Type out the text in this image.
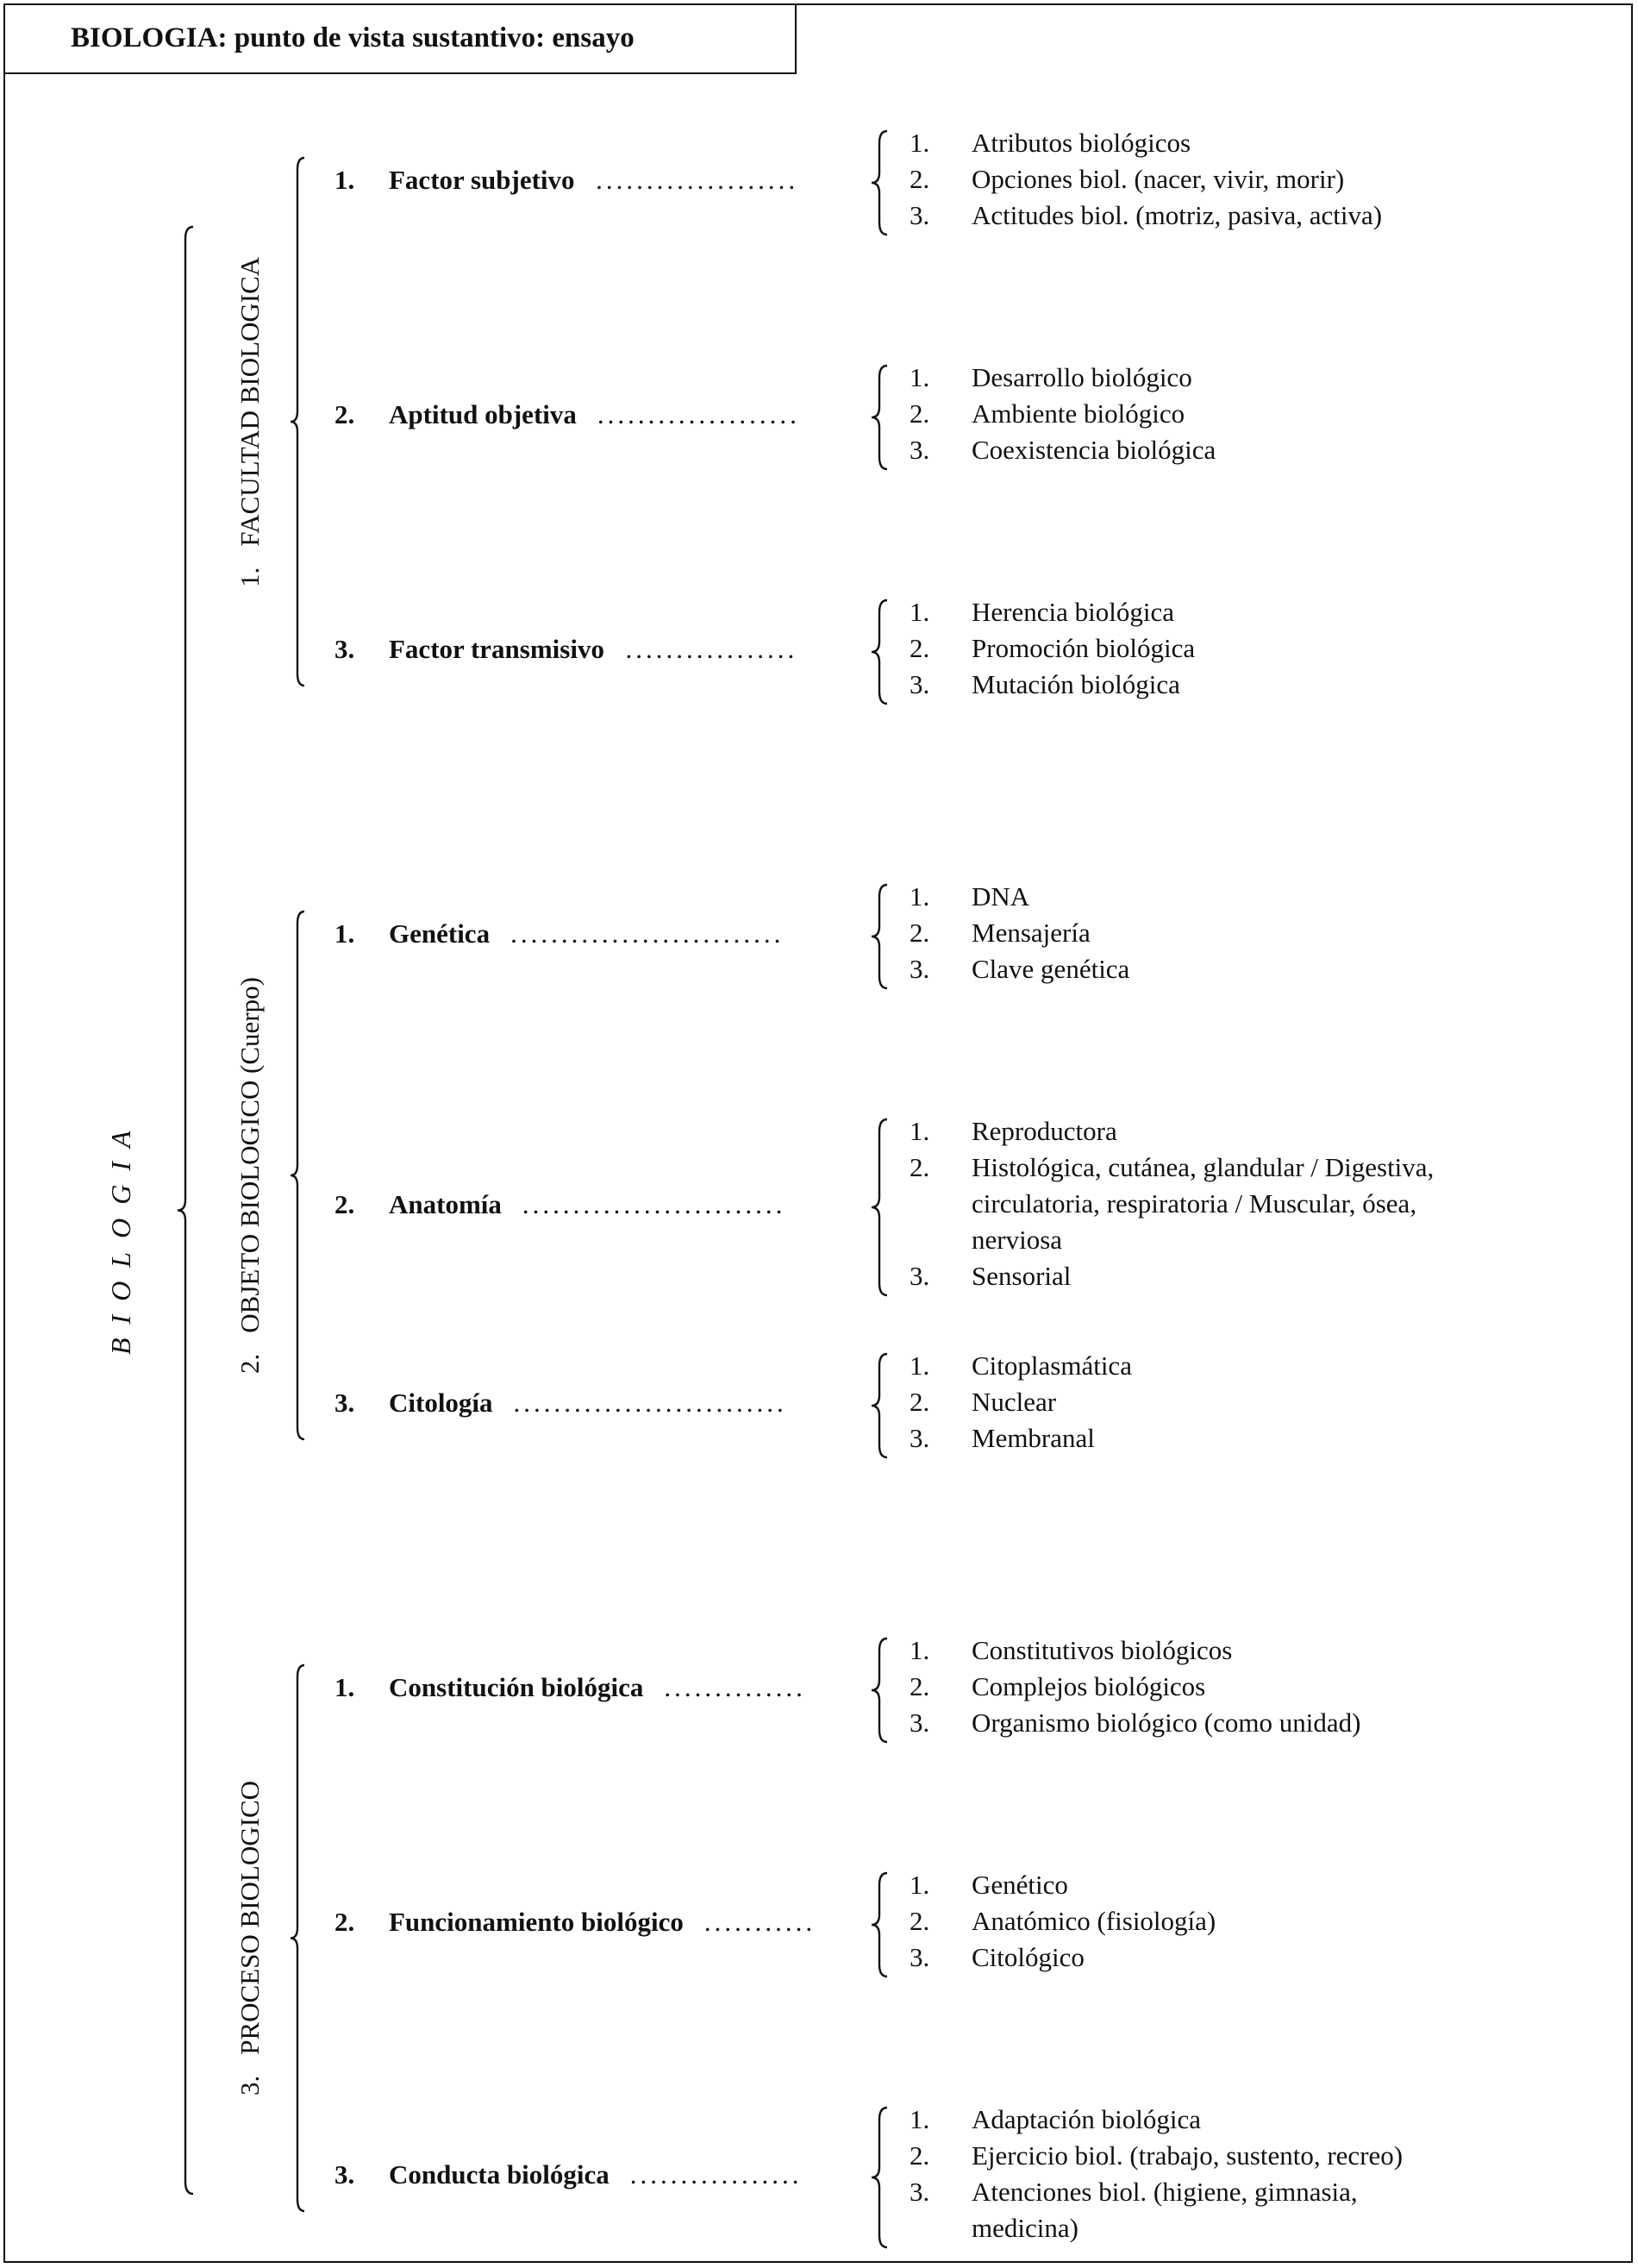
BIOLOGIA: punto de vista sustantivo: ensayo
BIOLOGIA
1. Atributos biológicos
2. Opciones biol. (nacer, vivir, morir)
3. Actitudes biol. (motriz, pasiva, activa)
1. Factor subjetivo ....................
1. Desarrollo biológico
2. Ambiente biológico
3. Coexistencia biológica
2. Aptitud objetiva ....................
1. Herencia biológica
2. Promoción biológica
3. Mutación biológica
3. Factor transmisivo .................
1.FACULTAD BIOLOGICA
1. DNA
2. Mensajería
3. Clave genética
1. Genética ...........................
1. Reproductora
2. Histológica, cutánea, glandular / Digestiva,
circulatoria, respiratoria / Muscular, ósea,
nerviosa
3. Sensorial
2. Anatomía ..........................
1. Citoplasmática
2. Nuclear
3. Membranal
3. Citología ...........................
2.OBJETO BIOLOGICO (Cuerpo)
1. Constitutivos biológicos
2. Complejos biológicos
3. Organismo biológico (como unidad)
1. Constitución biológica ..............
1. Genético
2. Anatómico (fisiología)
3. Citológico
2. Funcionamiento biológico ...........
1. Adaptación biológica
2. Ejercicio biol. (trabajo, sustento, recreo)
3. Atenciones biol. (higiene, gimnasia,
medicina)
3. Conducta biológica .................
3.PROCESO BIOLOGICO
